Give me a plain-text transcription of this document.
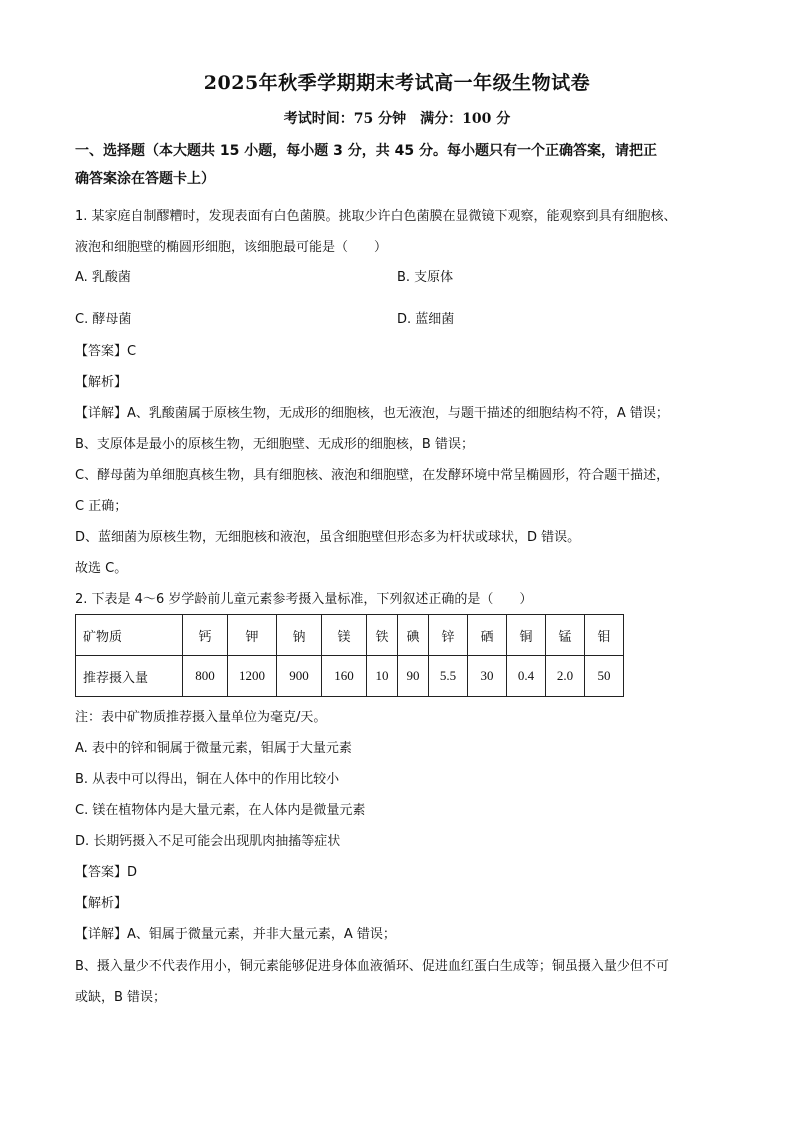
2025年秋季学期期末考试高一年级生物试卷
考试时间：75 分钟　满分：100 分
一、选择题（本大题共 15 小题，每小题 3 分，共 45 分。每小题只有一个正确答案，请把正
确答案涂在答题卡上）
1. 某家庭自制醪糟时，发现表面有白色菌膜。挑取少许白色菌膜在显微镜下观察，能观察到具有细胞核、
液泡和细胞壁的椭圆形细胞，该细胞最可能是（　　）
A. 乳酸菌	B. 支原体
C. 酵母菌	D. 蓝细菌
【答案】C
【解析】
【详解】A、乳酸菌属于原核生物，无成形的细胞核，也无液泡，与题干描述的细胞结构不符，A 错误；
B、支原体是最小的原核生物，无细胞壁、无成形的细胞核，B 错误；
C、酵母菌为单细胞真核生物，具有细胞核、液泡和细胞壁，在发酵环境中常呈椭圆形，符合题干描述，
C 正确；
D、蓝细菌为原核生物，无细胞核和液泡，虽含细胞壁但形态多为杆状或球状，D 错误。
故选 C。
2. 下表是 4～6 岁学龄前儿童元素参考摄入量标准，下列叙述正确的是（　　）
矿物质	钙	钾	钠	镁	铁	碘	锌	硒	铜	锰	钼
推荐摄入量	800	1200	900	160	10	90	5.5	30	0.4	2.0	50
注：表中矿物质推荐摄入量单位为毫克/天。
A. 表中的锌和铜属于微量元素，钼属于大量元素
B. 从表中可以得出，铜在人体中的作用比较小
C. 镁在植物体内是大量元素，在人体内是微量元素
D. 长期钙摄入不足可能会出现肌肉抽搐等症状
【答案】D
【解析】
【详解】A、钼属于微量元素，并非大量元素，A 错误；
B、摄入量少不代表作用小，铜元素能够促进身体血液循环、促进血红蛋白生成等；铜虽摄入量少但不可
或缺，B 错误；
